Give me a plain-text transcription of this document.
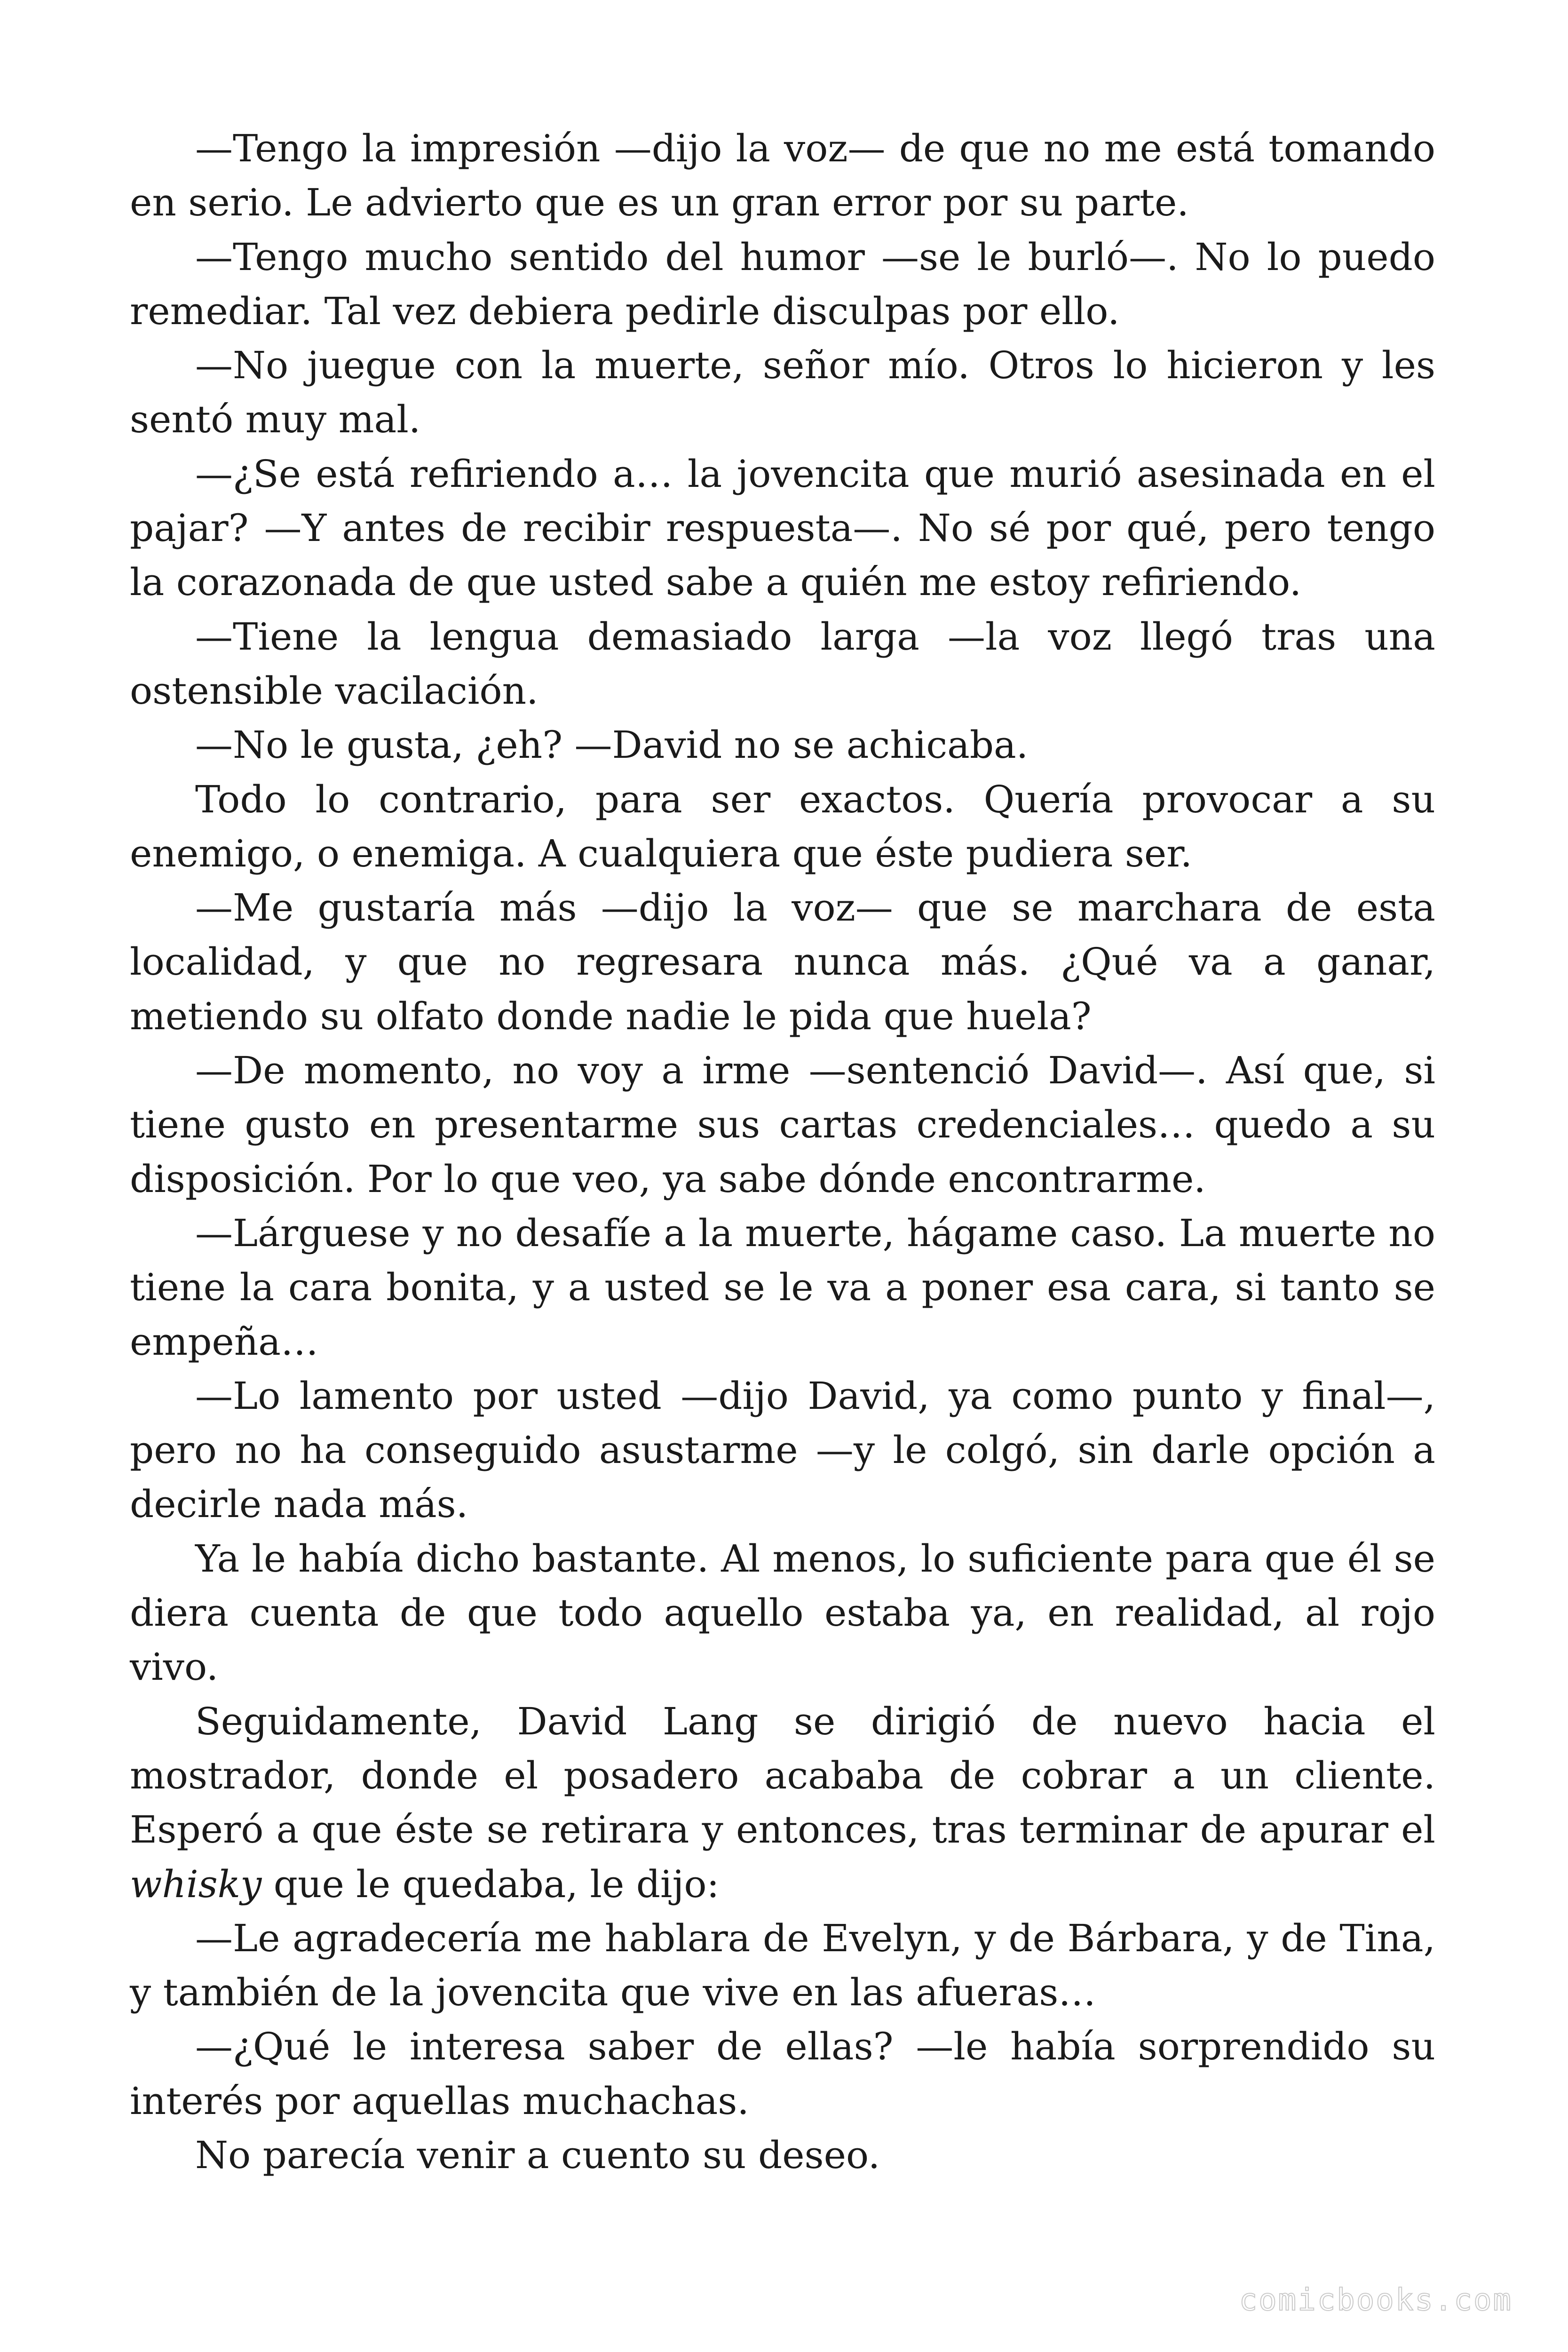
—Tengo la impresión —dijo la voz— de que no me está tomando en serio. Le advierto que es un gran error por su parte.

—Tengo mucho sentido del humor —se le burló—. No lo puedo remediar. Tal vez debiera pedirle disculpas por ello.

—No juegue con la muerte, señor mío. Otros lo hicieron y les sentó muy mal.

—¿Se está refiriendo a… la jovencita que murió asesinada en el pajar? —Y antes de recibir respuesta—. No sé por qué, pero tengo la corazonada de que usted sabe a quién me estoy refiriendo.

—Tiene la lengua demasiado larga —la voz llegó tras una ostensible vacilación.

—No le gusta, ¿eh? —David no se achicaba.

Todo lo contrario, para ser exactos. Quería provocar a su enemigo, o enemiga. A cualquiera que éste pudiera ser.

—Me gustaría más —dijo la voz— que se marchara de esta localidad, y que no regresara nunca más. ¿Qué va a ganar, metiendo su olfato donde nadie le pida que huela?

—De momento, no voy a irme —sentenció David—. Así que, si tiene gusto en presentarme sus cartas credenciales… quedo a su disposición. Por lo que veo, ya sabe dónde encontrarme.

—Lárguese y no desafíe a la muerte, hágame caso. La muerte no tiene la cara bonita, y a usted se le va a poner esa cara, si tanto se empeña…

—Lo lamento por usted —dijo David, ya como punto y final—, pero no ha conseguido asustarme —y le colgó, sin darle opción a decirle nada más.

Ya le había dicho bastante. Al menos, lo suficiente para que él se diera cuenta de que todo aquello estaba ya, en realidad, al rojo vivo.

Seguidamente, David Lang se dirigió de nuevo hacia el mostrador, donde el posadero acababa de cobrar a un cliente. Esperó a que éste se retirara y entonces, tras terminar de apurar el whisky que le quedaba, le dijo:

—Le agradecería me hablara de Evelyn, y de Bárbara, y de Tina, y también de la jovencita que vive en las afueras…

—¿Qué le interesa saber de ellas? —le había sorprendido su interés por aquellas muchachas.

No parecía venir a cuento su deseo.

comicbooks.com
